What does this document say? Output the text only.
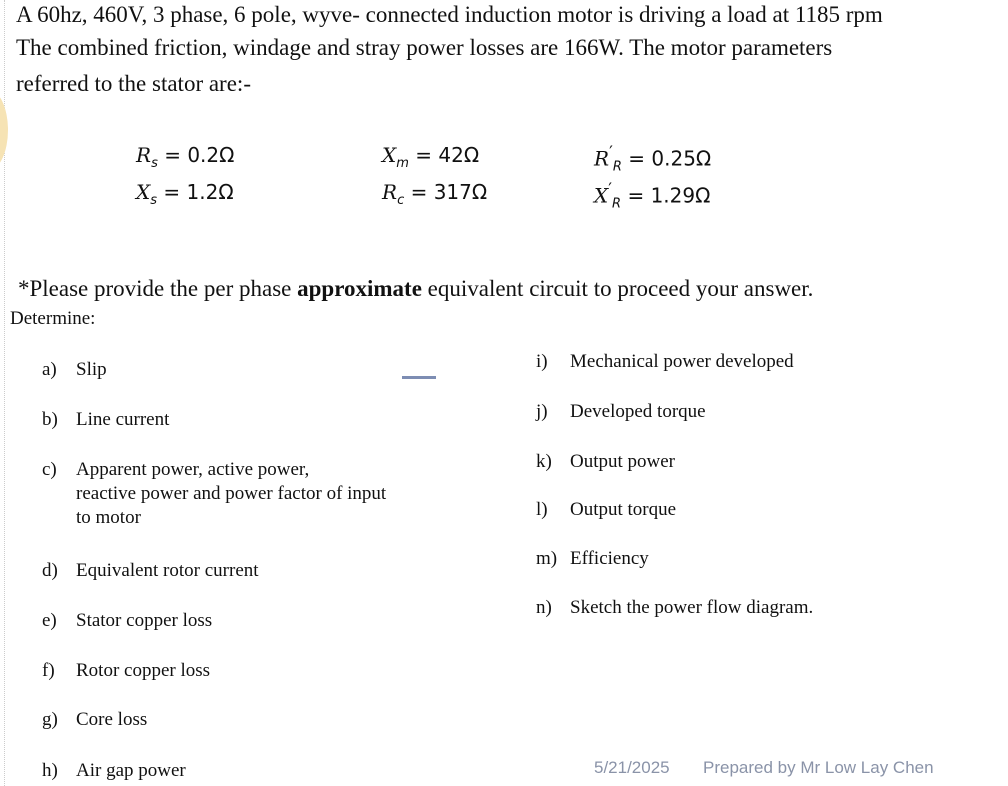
A 60hz, 460V, 3 phase, 6 pole, wyve- connected induction motor is driving a load at 1185 rpm
The combined friction, windage and stray power losses are 166W. The motor parameters
referred to the stator are:-
$R_s = 0.2\Omega$
$X_s = 1.2\Omega$
$X_m = 42\Omega$
$R_c = 317\Omega$
$R'_R = 0.25\Omega$
$X'_R = 1.29\Omega$
*Please provide the per phase approximate equivalent circuit to proceed your answer.
Determine:
a) Slip
b) Line current
c) Apparent power, active power,
reactive power and power factor of input
to motor
d) Equivalent rotor current
e) Stator copper loss
f) Rotor copper loss
g) Core loss
h) Air gap power
i) Mechanical power developed
j) Developed torque
k) Output power
l) Output torque
m) Efficiency
n) Sketch the power flow diagram.
5/21/2025 Prepared by Mr Low Lay Chen
